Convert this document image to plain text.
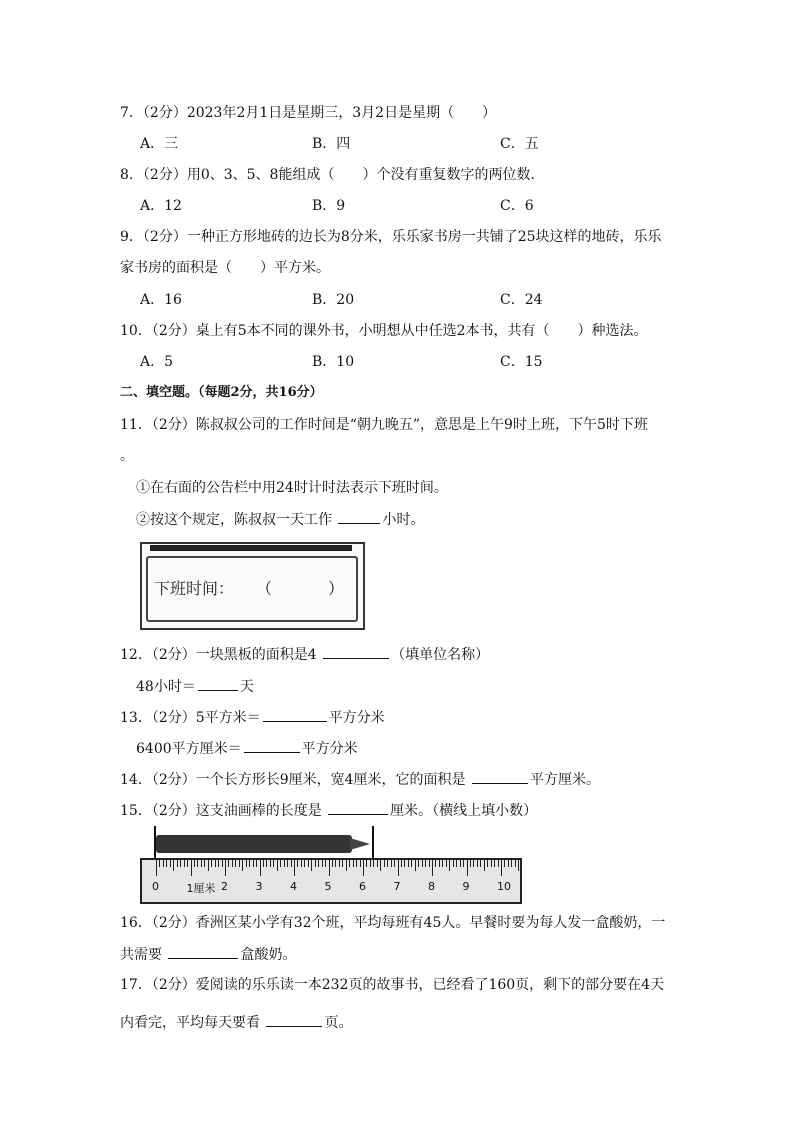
7．（2分）2023年2月1日是星期三，3月2日是星期（　　）
A．三	B．四	C．五
8．（2分）用0、3、5、8能组成（　　）个没有重复数字的两位数．
A．12	B．9	C．6
9．（2分）一种正方形地砖的边长为8分米，乐乐家书房一共铺了25块这样的地砖，乐乐
家书房的面积是（　　）平方米。
A．16	B．20	C．24
10．（2分）桌上有5本不同的课外书，小明想从中任选2本书，共有（　　）种选法。
A．5	B．10	C．15
二、填空题。（每题2分，共16分）
11．（2分）陈叔叔公司的工作时间是“朝九晚五”，意思是上午9时上班，下午5时下班
。
①在右面的公告栏中用24时计时法表示下班时间。
②按这个规定，陈叔叔一天工作	小时。
下班时间： （	）
12．（2分）一块黑板的面积是4	（填单位名称）
48小时＝	天
13．（2分）5平方米＝	平方分米
6400平方厘米＝	平方分米
14．（2分）一个长方形长9厘米，宽4厘米，它的面积是	平方厘米。
15．（2分）这支油画棒的长度是	厘米。（横线上填小数）
0	1厘米 2	3	4	5	6	7	8	9	10
16．（2分）香洲区某小学有32个班，平均每班有45人。早餐时要为每人发一盒酸奶，一
共需要	盒酸奶。
17．（2分）爱阅读的乐乐读一本232页的故事书，已经看了160页，剩下的部分要在4天
内看完，平均每天要看	页。
